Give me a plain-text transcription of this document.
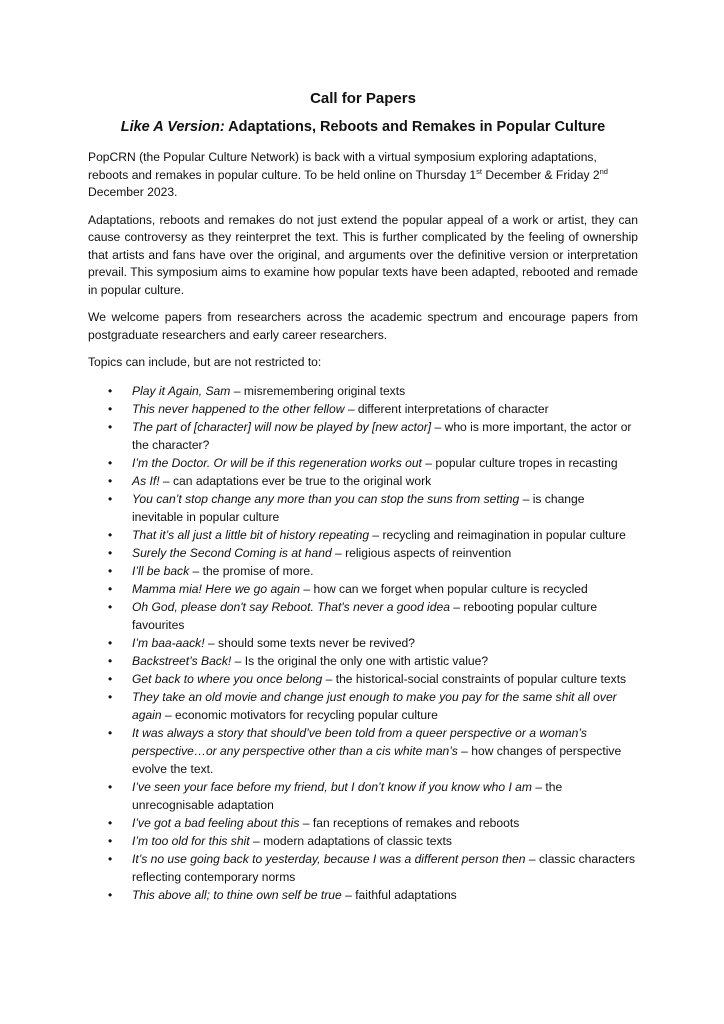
Call for Papers
Like A Version: Adaptations, Reboots and Remakes in Popular Culture

PopCRN (the Popular Culture Network) is back with a virtual symposium exploring adaptations, reboots and remakes in popular culture. To be held online on Thursday 1st December & Friday 2nd December 2023.

Adaptations, reboots and remakes do not just extend the popular appeal of a work or artist, they can cause controversy as they reinterpret the text. This is further complicated by the feeling of ownership that artists and fans have over the original, and arguments over the definitive version or interpretation prevail. This symposium aims to examine how popular texts have been adapted, rebooted and remade in popular culture.

We welcome papers from researchers across the academic spectrum and encourage papers from postgraduate researchers and early career researchers.

Topics can include, but are not restricted to:

• Play it Again, Sam – misremembering original texts
• This never happened to the other fellow – different interpretations of character
• The part of [character] will now be played by [new actor] – who is more important, the actor or the character?
• I’m the Doctor. Or will be if this regeneration works out – popular culture tropes in recasting
• As If! – can adaptations ever be true to the original work
• You can’t stop change any more than you can stop the suns from setting – is change inevitable in popular culture
• That it’s all just a little bit of history repeating – recycling and reimagination in popular culture
• Surely the Second Coming is at hand – religious aspects of reinvention
• I’ll be back – the promise of more.
• Mamma mia! Here we go again – how can we forget when popular culture is recycled
• Oh God, please don't say Reboot. That's never a good idea – rebooting popular culture favourites
• I’m baa-aack! – should some texts never be revived?
• Backstreet’s Back! – Is the original the only one with artistic value?
• Get back to where you once belong – the historical-social constraints of popular culture texts
• They take an old movie and change just enough to make you pay for the same shit all over again – economic motivators for recycling popular culture
• It was always a story that should’ve been told from a queer perspective or a woman’s perspective…or any perspective other than a cis white man’s – how changes of perspective evolve the text.
• I’ve seen your face before my friend, but I don’t know if you know who I am – the unrecognisable adaptation
• I’ve got a bad feeling about this – fan receptions of remakes and reboots
• I’m too old for this shit – modern adaptations of classic texts
• It’s no use going back to yesterday, because I was a different person then – classic characters reflecting contemporary norms
• This above all; to thine own self be true – faithful adaptations
